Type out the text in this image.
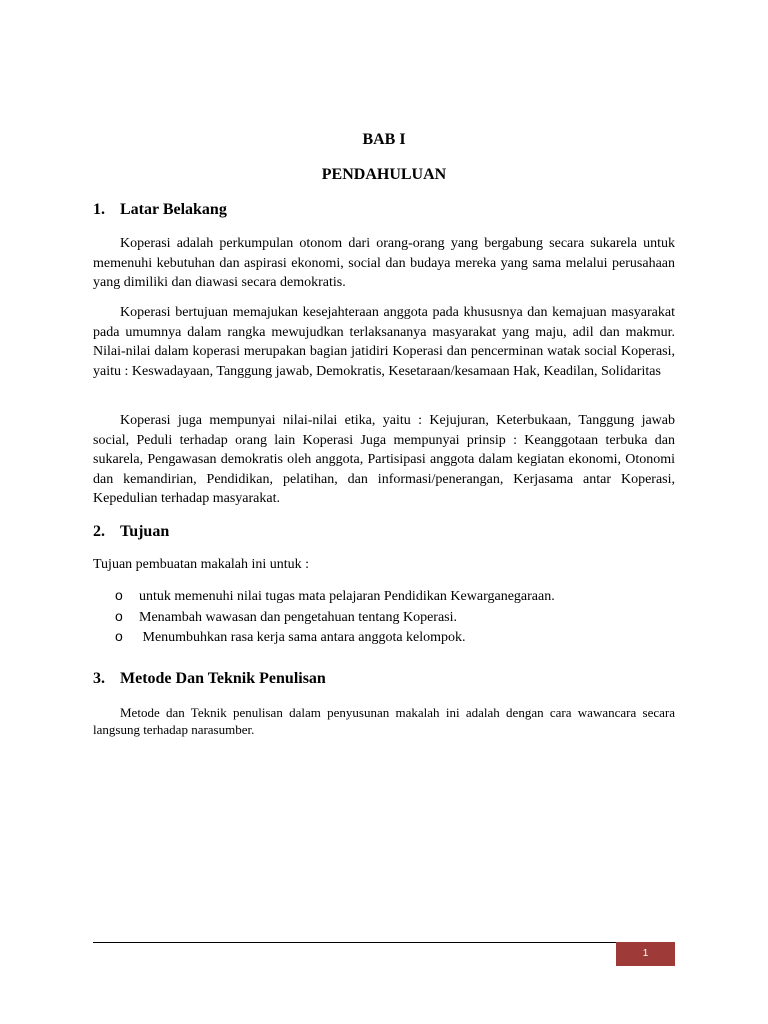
BAB I
PENDAHULUAN
1. Latar Belakang

Koperasi adalah perkumpulan otonom dari orang-orang yang bergabung secara sukarela untuk memenuhi kebutuhan dan aspirasi ekonomi, social dan budaya mereka yang sama melalui perusahaan yang dimiliki dan diawasi secara demokratis.

Koperasi bertujuan memajukan kesejahteraan anggota pada khususnya dan kemajuan masyarakat pada umumnya dalam rangka mewujudkan terlaksananya masyarakat yang maju, adil dan makmur. Nilai-nilai dalam koperasi merupakan bagian jatidiri Koperasi dan pencerminan watak social Koperasi, yaitu : Keswadayaan, Tanggung jawab, Demokratis, Kesetaraan/kesamaan Hak, Keadilan, Solidaritas

Koperasi juga mempunyai nilai-nilai etika, yaitu : Kejujuran, Keterbukaan, Tanggung jawab social, Peduli terhadap orang lain Koperasi Juga mempunyai prinsip : Keanggotaan terbuka dan sukarela, Pengawasan demokratis oleh anggota, Partisipasi anggota dalam kegiatan ekonomi, Otonomi dan kemandirian, Pendidikan, pelatihan, dan informasi/penerangan, Kerjasama antar Koperasi, Kepedulian terhadap masyarakat.

2. Tujuan

Tujuan pembuatan makalah ini untuk :

o untuk memenuhi nilai tugas mata pelajaran Pendidikan Kewarganegaraan.
o Menambah wawasan dan pengetahuan tentang Koperasi.
o Menumbuhkan rasa kerja sama antara anggota kelompok.
3. Metode Dan Teknik Penulisan

Metode dan Teknik penulisan dalam penyusunan makalah ini adalah dengan cara wawancara secara langsung terhadap narasumber.

1
